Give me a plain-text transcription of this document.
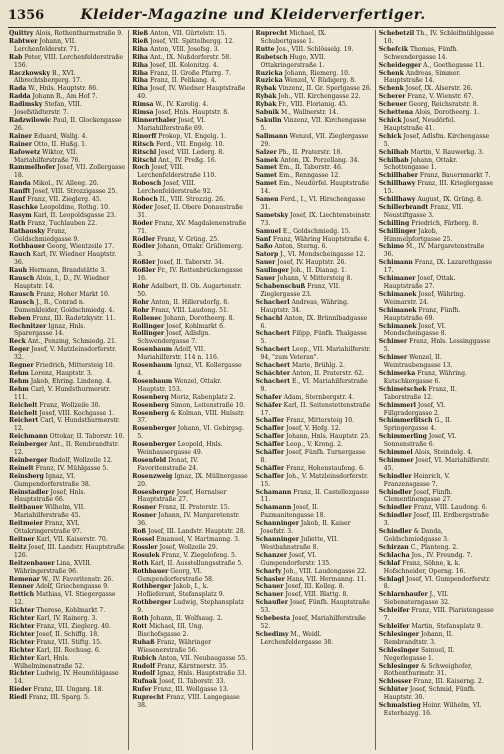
1356	Kleider-Magazine und Kleiderverfertiger.
Quittry Alois, Rothenthurmstraße 9.
Rabtwer Johann, VII. Lerchenfelderstr. 71.
Rab Peter, VIII. Lerchenfelderstraße 156.
Raczkowsky B., XVI. Albrechtsbergerg. 17.
Rada W., Hnls. Hauptstr. 86.
Radda Johann R., Am Hof 7.
Radimsky Stefan, VIII. Josefstädterstr. 7.
Radzwilowic Paul, II. Glockengasse 26.
Rainer Eduard, Wallg. 4.
Rainer Otto, II. Hußg. 1.
Rafowetz Wiktor, VII. Mariahilferstraße 76.
Rammelhofer Josef, VII. Zollergasse 18.
Randa Mikol., IV. Alleeg. 20.
Ranfft Josef, VIII. Strozzigasse 25.
Ranf Franz, VII. Zieglerg. 45.
Raschke Leopoldine, Rothg. 10.
Rasym Karl, II. Leopoldsgasse 23.
Rath Franz, Tuchlauben 22.
Rathausky Franz, Goldschmiedgasse 9.
Rothbauer Georg, Wientzeile 17.
Rauch Karl, IV. Wiedner Hauptstr. 36.
Rauh Hermann, Brandstätte 3.
Rausch Alois, I., D., IV. Wiedner Hauptstr. 14.
Rausch Franz, Hoher Markt 10.
Rausch J., R., Conrad n. Damenkleider, Goldschmiedg. 4.
Reben Franz, III. Radetzkystr. 11.
Rechnitzer Ignaz, Hnls. Sparergasse 14.
Reck Ant., Penzing, Schmiedg. 21.
Reger Josef, V. Matzleinsdorferstr. 32.
Regner Friedrich, Mittersteig 10.
Rehm Lorenz, Hauptstr. 3.
Rehm Jakob, Ehring. Lindeng. 4.
Rehm Carl, V. Hundsthurmerstr. 111.
Reichelt Franz, Wollzeile 30.
Reichelt Josef, VIII. Kochgasse 1.
Reichert Carl, V. Hundsthurmerstr. 12.
Reichmann Ottokar, II. Taborstr. 10.
Reinberger Ant., II. Rembrandtstr. 12.
Reinberger Rudolf, Wollzeile 12.
Reinelt Franz, IV. Mühlgasse 5.
Reinsberg Ignaz, VI. Gumpendorferstraße 38.
Reinstadler Josef, Hnls. Hauptstraße 66.
Reitbauer Wilhelm, VII. Mariahilferstraße 45.
Reitmeier Franz, XVI. Ottakringerstraße 97.
Reitner Karl, VII. Kaiserstr. 70.
Reitz Josef, III. Landstr. Hauptstraße 126.
Reitzenbauer Lina, XVIII. Währingerstraße 96.
Remenar W., IV. Favoritenstr. 26.
Renner Adolf, Griechengasse 9.
Rettich Mathias, VI. Stiegergasse 12.
Richter Therese, Kohlmarkt 7.
Richter Karl, IV. Rainerg. 3.
Richter Franz, VII. Zieglerg. 40.
Richter Josef, II. Schiffg. 18.
Richter Franz, VII. Stiftg. 15.
Richter Karl, III. Rochusg. 6.
Richter Karl, Hnls. Wilhelminenstraße 52.
Richter Ludwig, IV. Heumühlgasse 14.
Rieder Franz, III. Ungarg. 18.
Riedl Franz, III. Sparg. 5.
Rieß Anton, VII. Gürtelstr. 15.
Rieß Josef, VII. Spittelbergg. 12.
Riha Anton, VIII. Josefsg. 3.
Riha Ant., IX. Nußdorferstr. 58.
Riha Josef, III. Kolonitzg. 4.
Riha Franz, II. Große Pfarrg. 7.
Riha Franz, II. Pelikang. 4.
Riha Josef, IV. Wiedner Hauptstraße 40.
Rimsa W., IV. Karolig. 4.
Rimsa Josef, Hnls. Hauptstr. 8.
Rinnerthaler Josef, VI. Mariahilferstraße 69.
Rinorff Prokop, VI. Engelg. 1.
Ritsch Ferd., VII. Engelg. 10.
Ritschl Josef, VIII. Lederg. 8.
Ritschl Ant., IV. Preßg. 16.
Roch Josef, VIII. Lerchenfelderstraße 110.
Robosch Josef, VIII. Lerchenfelderstraße 92.
Roboch II., VIII. Strozzig. 26.
Röder Josef, II. Obere Donaustraße 31.
Röder Franz, XV. Magdalenenstraße 71.
Rödler Franz, V. Grüng. 25.
Rödler Johann, Ottakr. Grüllemerg. 3.
Rößler Josef, II. Taborstr. 34.
Rößler Fr., IV. Rettenbrückengasse 16.
Rohr Adalbert, II. Ob. Augartenstr. 50.
Rohr Anton, II. Hillersdorfg. 8.
Rohr Franz, VIII. Laudong. 51.
Rollenec Johann, Dorotheerg. 8.
Rollinger Josef, Kohlmarkt 6.
Rollinger Josef, Adlsfgn. Schwendergasse 7.
Rosenbaum Adolf, VII. Mariahilferstr. 114 n. 116.
Rosenbaum Ignaz, VI. Kollergasse 4.
Rosenbaum Wenzel, Ottakr. Hauptstr. 153.
Rosenberg Moriz, Rabenplatz 2.
Rosenberg Simon, Leitenstraße 10.
Rosenberg & Kolman, VIII. Hnlsstr. 37.
Rosenberger Johann, VI. Gebirgsg. 5.
Rosenberger Leopold, Hnls. Weinhausergasse 49.
Rosenfeld Donat, IV. Favoritenstraße 24.
Rosenzweig Ignaz, IX. Müllnergasse 20.
Rosesberger Josef, Hernalser Hauptstraße 27.
Rosner Franz, II. Praterstr. 15.
Rosner Johann, IV. Margaretenstr. 36.
Roß Josef, III. Landstr. Hauptstr. 28.
Rossel Emanuel, V. Hartmanng. 3.
Rossler Josef, Wollzeile 29.
Rosulek Franz, V. Ziegelofeng. 5.
Roth Karl, II. Ausstellungsstraße 5.
Rothbauer Georg, VI. Gumpendorferstraße 58.
Rothberger Jakob, I., k. Hoflieferant, Stefansplatz 9.
Rothberger Ludwig, Stephansplatz 9.
Roth Johann, II. Wolfsaug. 2.
Rott Michael, III. Ung. Bischofsgasse 2.
Ruhaß Franz, Währinger Wiesenerstraße 56.
Rubich Anton, VII. Neubaugasse 55.
Rudolf Franz, Kärntnerstr. 35.
Rudolf Ignaz, Hnls. Hauptstraße 33.
Rufnak Josef, II. Taborstr. 33.
Rufer Franz, III. Wollgasse 13.
Ruprecht Franz, VIII. Langegasse 38.
Ruprecht Michael, IX. Schubertgasse 1.
Rutte Jos., VIII. Schlösselg. 19.
Rubetsch Hugo, XVII. Ottakringerstraße 1.
Ruzicka Johann, Riemerg. 10.
Ruzicka Wenzel, V. Rüdigerg. 8.
Rybak Vinzenz, II. Gr. Sperlgasse 26.
Rybák Joh., VII. Kirchengasse 22.
Rybák Fr., VIII. Florianig. 45.
Sabnik M., Wallnerstr. 14.
Sakulin Vinzenz, VII. Kirchengasse 5.
Sallmann Wenzel, VII. Zieglergasse 29.
Salzer Ph., II. Praterstr. 18.
Samek Anton, IX. Porzellang. 34.
Samet Em., II. Taborstr. 46.
Samet Em., Renngasse 12.
Samet Em., Neudörfel. Hauptstraße 14.
Samen Ferd., I., VI. Hirschengasse 31.
Sametsky Josef, IX. Liechtensteinstr. 73.
Samuel E., Goldschmiedg. 15.
Sanf Franz, Währing Hauptstraße 4.
Saßo Anton, Sterng. 6.
Satorp J., VI. Mondscheingasse 12.
Sauer Josef, IV. Hauptstr. 26.
Saulinger Joh., II. Dianag. 1.
Sauer Johann, V. Mittersteig 8.
Schabenschuß Franz, VII. Zieglergasse 23.
Schacherl Andreas, Währing. Hauptstr. 34.
Schachl Anton, IX. Brünnlbadgasse 6.
Schachert Filipp, Fünfh. Thalgasse 5.
Schachert Leop., VII. Mariahilferstr. 94, "zum Veteran".
Schachert Marie, Brühlg. 2.
Schächter Anton, II. Praterstr. 62.
Schachert E., VI. Mariahilferstraße 9.
Schafer Adam, Sternbergstr. 4.
Schäfer Karl, II. Seitenstettenstraße 17.
Schaffer Franz, Mittersteig 10.
Schaffer Josef, V. Hofg. 12.
Schaffer Johann, Hnls. Hauptstr. 25.
Schäffer Leop., V. Krong. 2.
Schäffer Josef, Fünfh. Turnergasse 8.
Schäffer Franz, Hohenstaufeng. 6.
Schaffer Joh., V. Matzleinsdorferstr. 15.
Schamann Franz, II. Castellezgasse 11.
Schamann Josef, II. Pazmanitengasse 18.
Schanninger Jakob, II. Kaiser Josefstr. 3.
Schanninger Juliette, VII. Westbahnstraße 8.
Schanzer Josef, VI. Gumpendorferstr. 135.
Scharfy Joh., VIII. Laudongasse 22.
Schasler Hans, VII. Hermanng. 11.
Schauer Josef, III. Kolleg. 8.
Schauer Josef, VIII. Blattg. 8.
Schaufler Josef, Fünfh. Hauptstraße 53.
Schebesta Josef, Mariahilferstraße 52.
Schedimy M., Weidl. Lerchenfeldergasse 38.
Schebetzil Th., IV. Schleifmühlgasse 10.
Schefcik Thomas, Fünfh. Schwendergasse 14.
Scheidegger A., Goethegasse 11.
Schenk Andreas, Simmer. Hauptstraße 14.
Schenk Josef, IX. Alserstr. 26.
Scherer Franz, V. Wienstr. 67.
Scheuer Georg, Reichsratstr. 8.
Schettena Alois, Dorotheerg. 1.
Schick Josef, Neudörfel. Hauptstraße 41.
Schick Josef, Adlsfm. Kirchengasse 5.
Schilhab Martin, V. Rauwerkg. 3.
Schilhab Johann, Ottakr. Schottengasse 1.
Schillhaber Franz, Bauernmarkt 7.
Schillhawy Franz, III. Krieglergasse 15.
Schillhawy August, IX. Grüng. 8.
Schillerbrandt Franz, VII. Neustiftgasse 3.
Schilling Friedrich, Färberg. 8.
Schillinger Jakob, Himmelpfortgasse 25.
Schimo M., IV. Margaretenstraße 36.
Schimann Franz, IX. Lazarethgasse 17.
Schimaner Josef, Ottak. Hauptstraße 27.
Schimanek Josef, Währing. Weimarstr. 24.
Schimanek Franz, Fünfh. Hauptstraße 69.
Schimanek Josef, VI. Mondscheingasse 8.
Schimer Franz, Hnls. Lessinggasse 5.
Schimer Wenzel, II. Weintraubengasse 13.
Schimerka Franz, Währing. Kutschkergasse 6.
Schimetschek Franz, II. Taborstraße 12.
Schimmerl Josef, VI. Fillgradergasse 2.
Schimmerlitsch G., II. Springergasse 4.
Schimmerling Josef, VI. Sonnenstraße 6.
Schimmel Alois, Steindelg. 4.
Schimmer Josef, VI. Mariahilferstr. 45.
Schindler Heinrich, V. Franzensgasse 7.
Schindler Josef, Fünfh. Clementinengasse 27.
Schindler Franz, VIII. Laudong. 6.
Schindler Josef, III. Erdbergstraße 3.
Schindler & Danda, Goldschmiedgasse 3.
Schirzan C., Planteng. 2.
Schlacha Jos., IV. Freundg. 7.
Schlaf Franz, Söhne, k. k. Hofschneider, Operng. 16.
Schlagl Josef, VI. Gumpendorferstr. 8.
Schlarnhaufer J., VII. Siebensterngasse 32.
Schleifer Franz, VIII. Piaristengasse 7.
Schleifer Martin, Stefansplatz 9.
Schlesinger Johann, II. Rembrandtstr. 3.
Schlesinger Samuel, II. Negerlegasse 1.
Schlesinger & Schweighofer, Rothenthurmstr. 31.
Schlosser Franz, III. Kaiserng. 2.
Schlüter Josef, Schmid, Fünfh. Hauptstr. 30.
Schmalstieg Heinr. Wilhelm, VI. Esterhazyg. 16.
